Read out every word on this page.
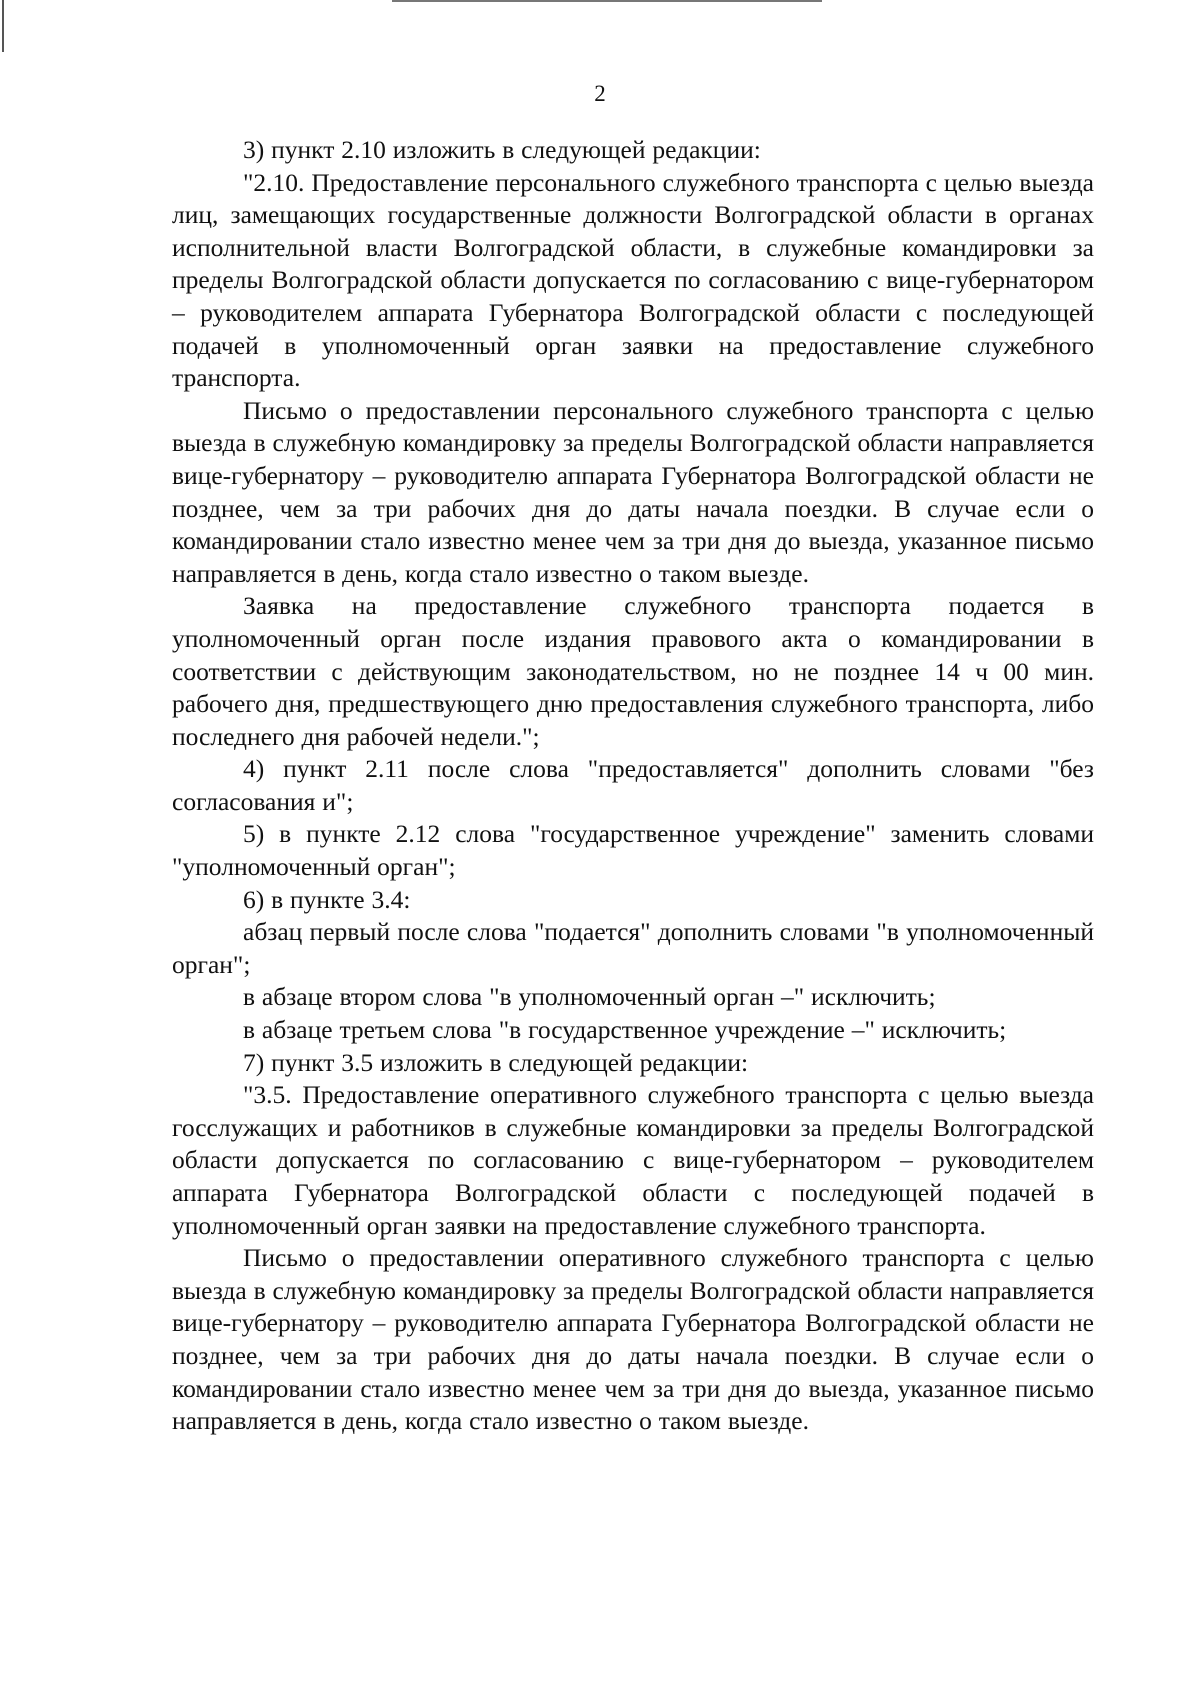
2

3) пункт 2.10 изложить в следующей редакции:

"2.10. Предоставление персонального служебного транспорта с целью выезда лиц, замещающих государственные должности Волгоградской области в органах исполнительной власти Волгоградской области, в служебные командировки за пределы Волгоградской области допускается по согласованию с вице-губернатором – руководителем аппарата Губернатора Волгоградской области с последующей подачей в уполномоченный орган заявки на предоставление служебного транспорта.

Письмо о предоставлении персонального служебного транспорта с целью выезда в служебную командировку за пределы Волгоградской области направляется вице-губернатору – руководителю аппарата Губернатора Волгоградской области не позднее, чем за три рабочих дня до даты начала поездки. В случае если о командировании стало известно менее чем за три дня до выезда, указанное письмо направляется в день, когда стало известно о таком выезде.

Заявка на предоставление служебного транспорта подается в уполномоченный орган после издания правового акта о командировании в соответствии с действующим законодательством, но не позднее 14 ч 00 мин. рабочего дня, предшествующего дню предоставления служебного транспорта, либо последнего дня рабочей недели.";

4) пункт 2.11 после слова "предоставляется" дополнить словами "без согласования и";

5) в пункте 2.12 слова "государственное учреждение" заменить словами "уполномоченный орган";

6) в пункте 3.4:

абзац первый после слова "подается" дополнить словами "в уполномоченный орган";

в абзаце втором слова "в уполномоченный орган –" исключить;

в абзаце третьем слова "в государственное учреждение –" исключить;

7) пункт 3.5 изложить в следующей редакции:

"3.5. Предоставление оперативного служебного транспорта с целью выезда госслужащих и работников в служебные командировки за пределы Волгоградской области допускается по согласованию с вице-губернатором – руководителем аппарата Губернатора Волгоградской области с последующей подачей в уполномоченный орган заявки на предоставление служебного транспорта.

Письмо о предоставлении оперативного служебного транспорта с целью выезда в служебную командировку за пределы Волгоградской области направляется вице-губернатору – руководителю аппарата Губернатора Волгоградской области не позднее, чем за три рабочих дня до даты начала поездки. В случае если о командировании стало известно менее чем за три дня до выезда, указанное письмо направляется в день, когда стало известно о таком выезде.
